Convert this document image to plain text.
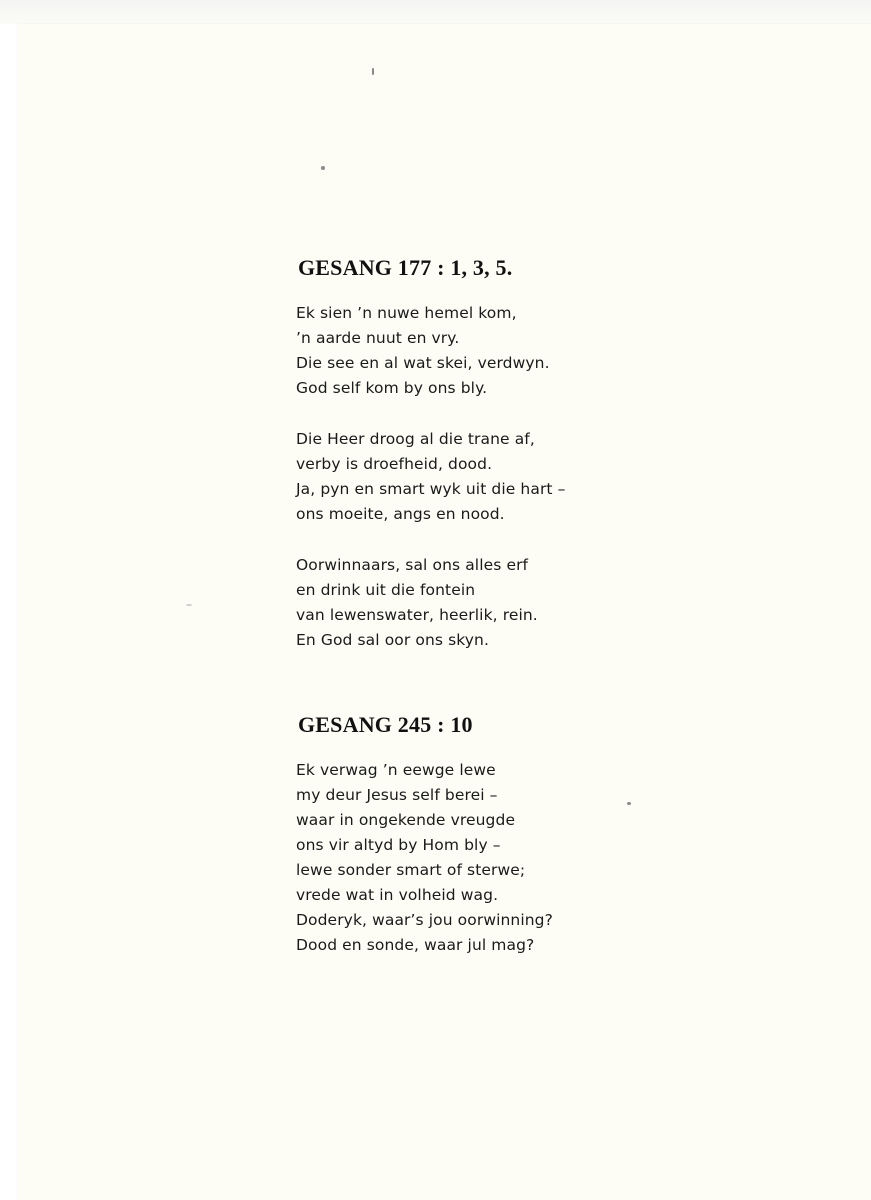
GESANG 177 : 1, 3, 5.
Ek sien ’n nuwe hemel kom,
’n aarde nuut en vry.
Die see en al wat skei, verdwyn.
God self kom by ons bly.
Die Heer droog al die trane af,
verby is droefheid, dood.
Ja, pyn en smart wyk uit die hart –
ons moeite, angs en nood.
Oorwinnaars, sal ons alles erf
en drink uit die fontein
van lewenswater, heerlik, rein.
En God sal oor ons skyn.
GESANG 245 : 10
Ek verwag ’n eewge lewe
my deur Jesus self berei –
waar in ongekende vreugde
ons vir altyd by Hom bly –
lewe sonder smart of sterwe;
vrede wat in volheid wag.
Doderyk, waar’s jou oorwinning?
Dood en sonde, waar jul mag?
